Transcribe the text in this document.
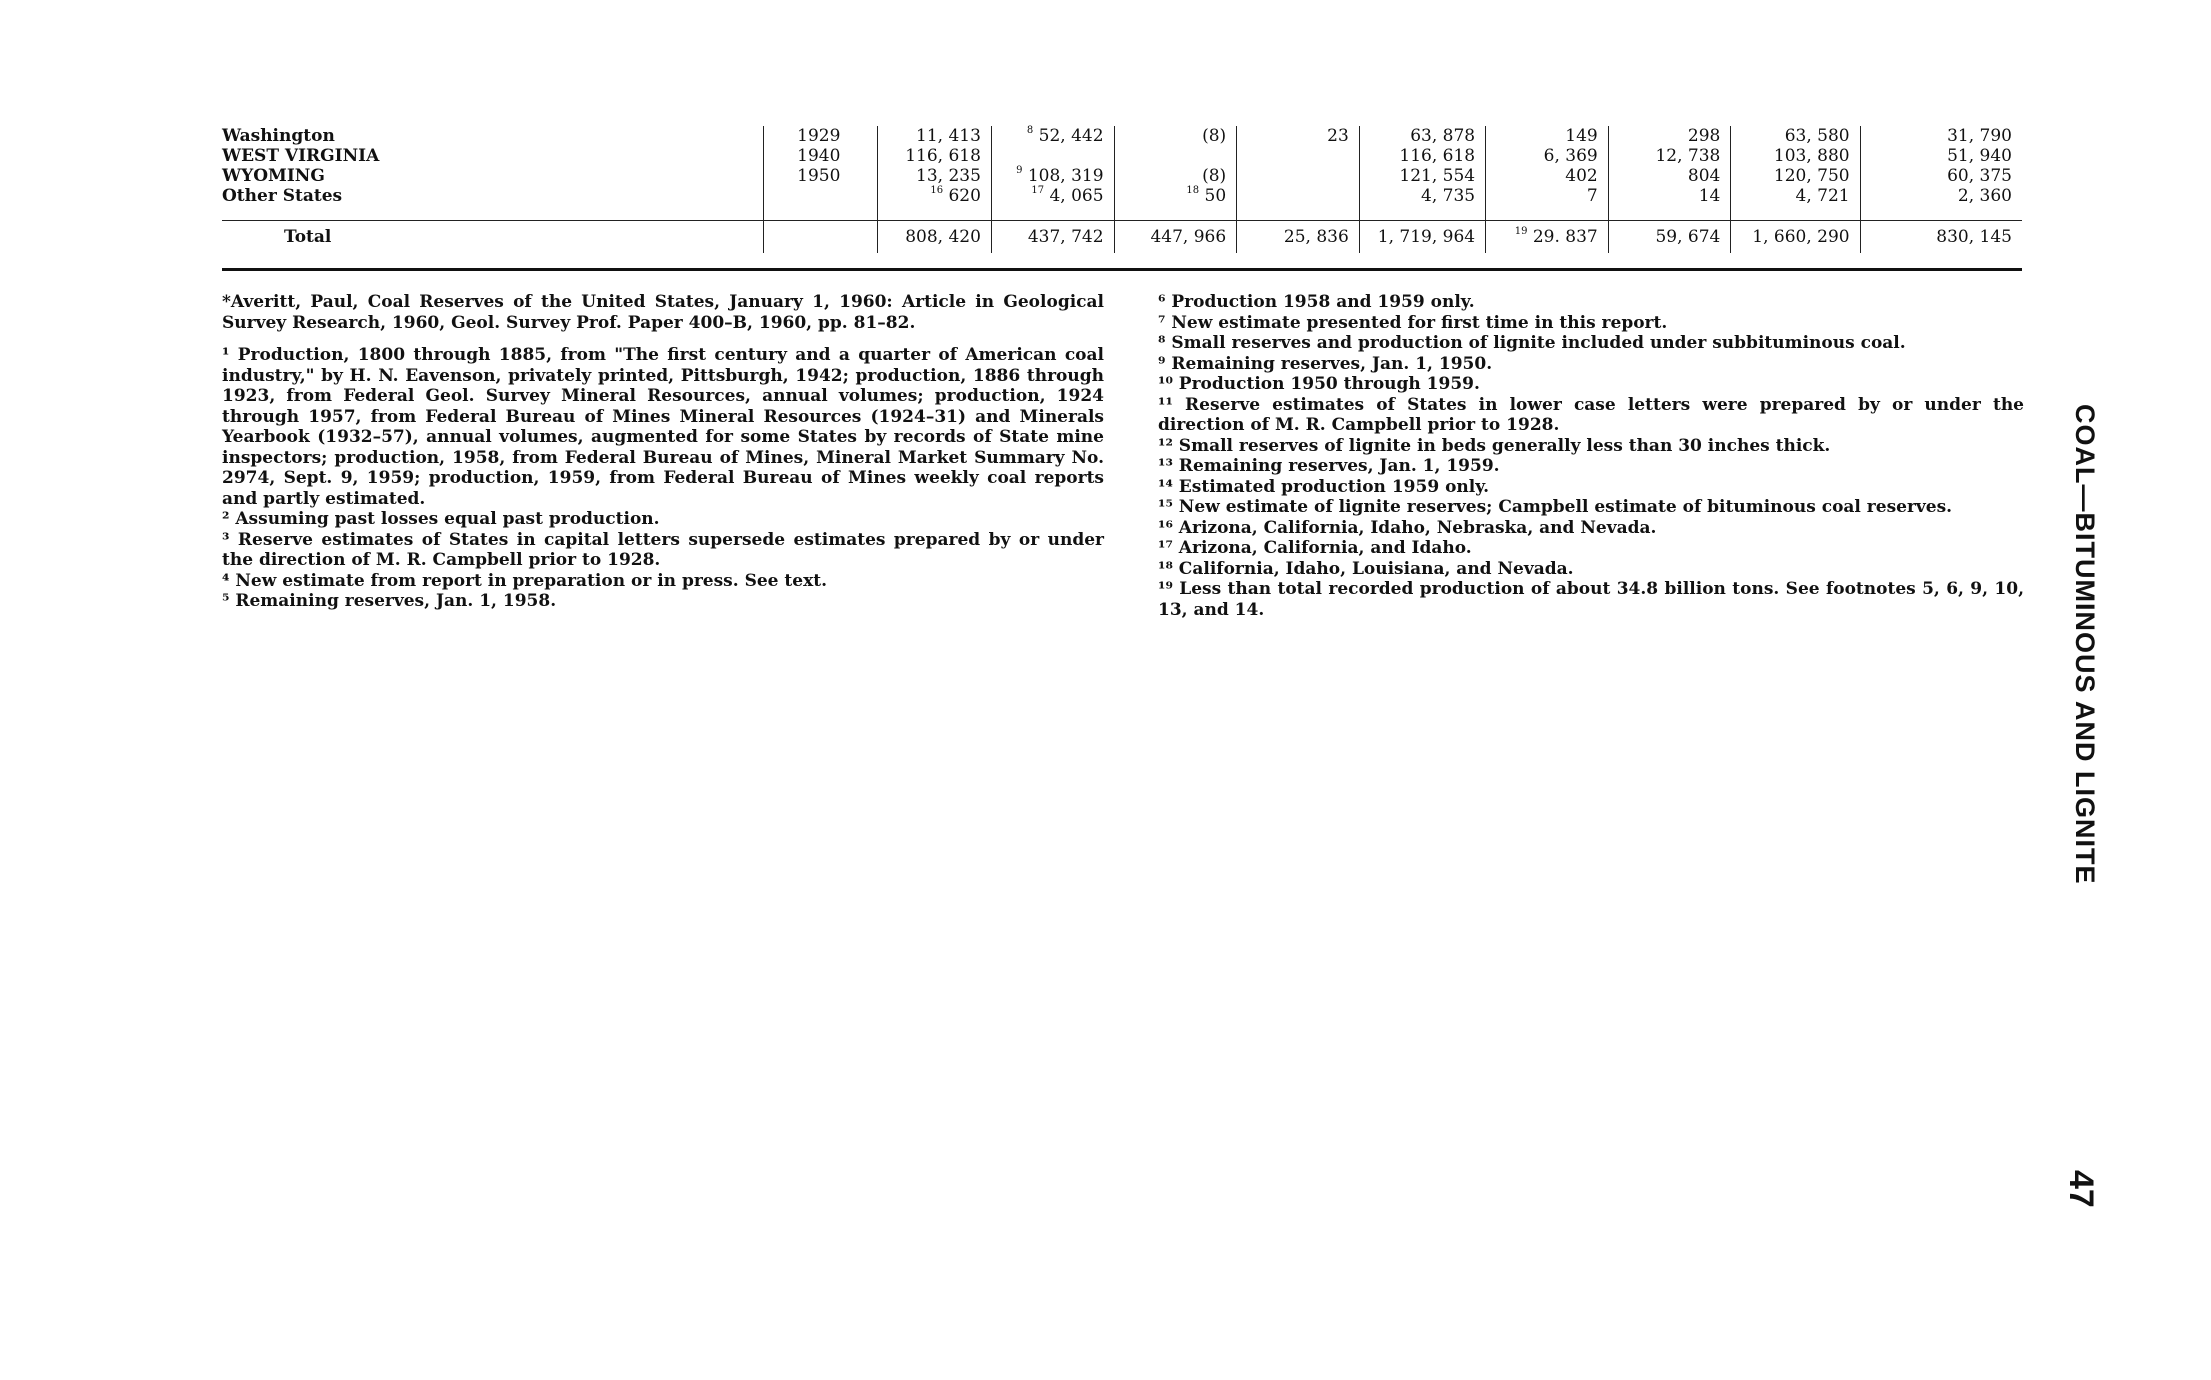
Washington	1929	11, 413	$^8$ 52, 442	(8)	23	63, 878	149	298	63, 580	31, 790
WEST VIRGINIA	1940	116, 618				116, 618	6, 369	12, 738	103, 880	51, 940
WYOMING	1950	13, 235	$^9$ 108, 319	(8)		121, 554	402	804	120, 750	60, 375
Other States		$^{16}$ 620	$^{17}$ 4, 065	$^{18}$ 50		4, 735	7	14	4, 721	2, 360

Total		808, 420	437, 742	447, 966	25, 836	1, 719, 964	$^{19}$ 29. 837	59, 674	1, 660, 290	830, 145

*Averitt, Paul, Coal Reserves of the United States, January 1, 1960: Article in Geological Survey Research, 1960, Geol. Survey Prof. Paper 400–B, 1960, pp. 81–82.

¹ Production, 1800 through 1885, from "The first century and a quarter of American coal industry," by H. N. Eavenson, privately printed, Pittsburgh, 1942; production, 1886 through 1923, from Federal Geol. Survey Mineral Resources, annual volumes; production, 1924 through 1957, from Federal Bureau of Mines Mineral Resources (1924–31) and Minerals Yearbook (1932–57), annual volumes, augmented for some States by records of State mine inspectors; production, 1958, from Federal Bureau of Mines, Mineral Market Summary No. 2974, Sept. 9, 1959; production, 1959, from Federal Bureau of Mines weekly coal reports and partly estimated.

² Assuming past losses equal past production.

³ Reserve estimates of States in capital letters supersede estimates prepared by or under the direction of M. R. Campbell prior to 1928.

⁴ New estimate from report in preparation or in press. See text.

⁵ Remaining reserves, Jan. 1, 1958.

⁶ Production 1958 and 1959 only.

⁷ New estimate presented for first time in this report.

⁸ Small reserves and production of lignite included under subbituminous coal.

⁹ Remaining reserves, Jan. 1, 1950.

¹⁰ Production 1950 through 1959.

¹¹ Reserve estimates of States in lower case letters were prepared by or under the direction of M. R. Campbell prior to 1928.

¹² Small reserves of lignite in beds generally less than 30 inches thick.

¹³ Remaining reserves, Jan. 1, 1959.

¹⁴ Estimated production 1959 only.

¹⁵ New estimate of lignite reserves; Campbell estimate of bituminous coal reserves.

¹⁶ Arizona, California, Idaho, Nebraska, and Nevada.

¹⁷ Arizona, California, and Idaho.

¹⁸ California, Idaho, Louisiana, and Nevada.

¹⁹ Less than total recorded production of about 34.8 billion tons. See footnotes 5, 6, 9, 10, 13, and 14.	COAL—BITUMINOUS AND LIGNITE
47
